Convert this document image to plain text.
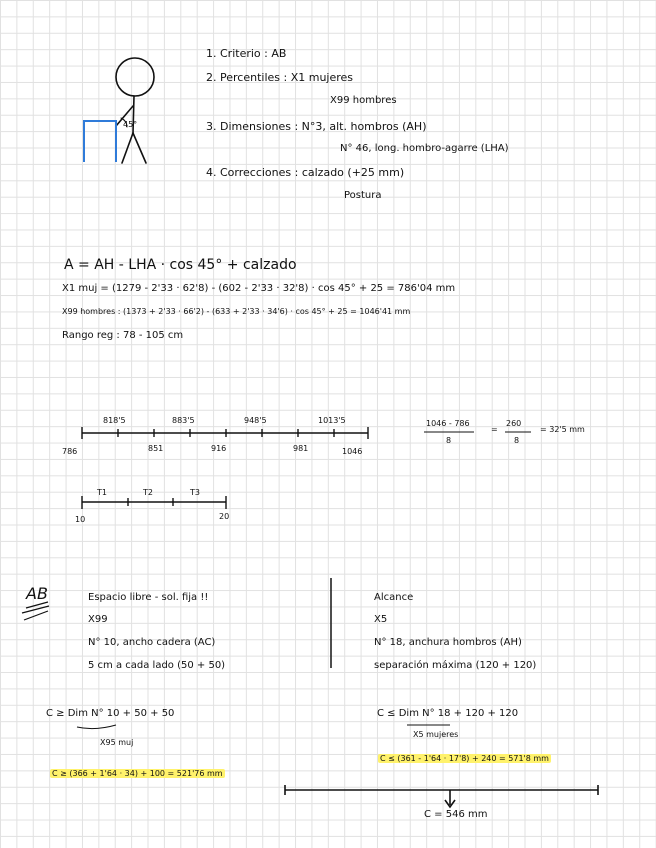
1. Criterio : AB
2. Percentiles : X1 mujeres
X99 hombres
3. Dimensiones : N°3, alt. hombros (AH)
N° 46, long. hombro-agarre (LHA)
4. Correcciones : calzado (+25 mm)
Postura
45°
A = AH - LHA · cos 45° + calzado
X1 muj = (1279 - 2'33 · 62'8) - (602 - 2'33 · 32'8) · cos 45° + 25 = 786'04 mm
X99 hombres : (1373 + 2'33 · 66'2) - (633 + 2'33 · 34'6) · cos 45° + 25 = 1046'41 mm
Rango reg : 78 - 105 cm
818'5	883'5	948'5	1013'5
786	851	916	981	1046
1046 - 786
8
=
260
8
= 32'5 mm
T1	T2	T3
10	20
AB	Espacio libre - sol. fija !!
X99
N° 10, ancho cadera (AC)
5 cm a cada lado (50 + 50)
C ≥ Dim N° 10 + 50 + 50
X95 muj
C ≥ (366 + 1'64 · 34) + 100 = 521'76 mm
Alcance
X5
N° 18, anchura hombros (AH)
separación máxima (120 + 120)
C ≤ Dim N° 18 + 120 + 120
X5 mujeres
C ≤ (361 - 1'64 · 17'8) + 240 = 571'8 mm
C = 546 mm
